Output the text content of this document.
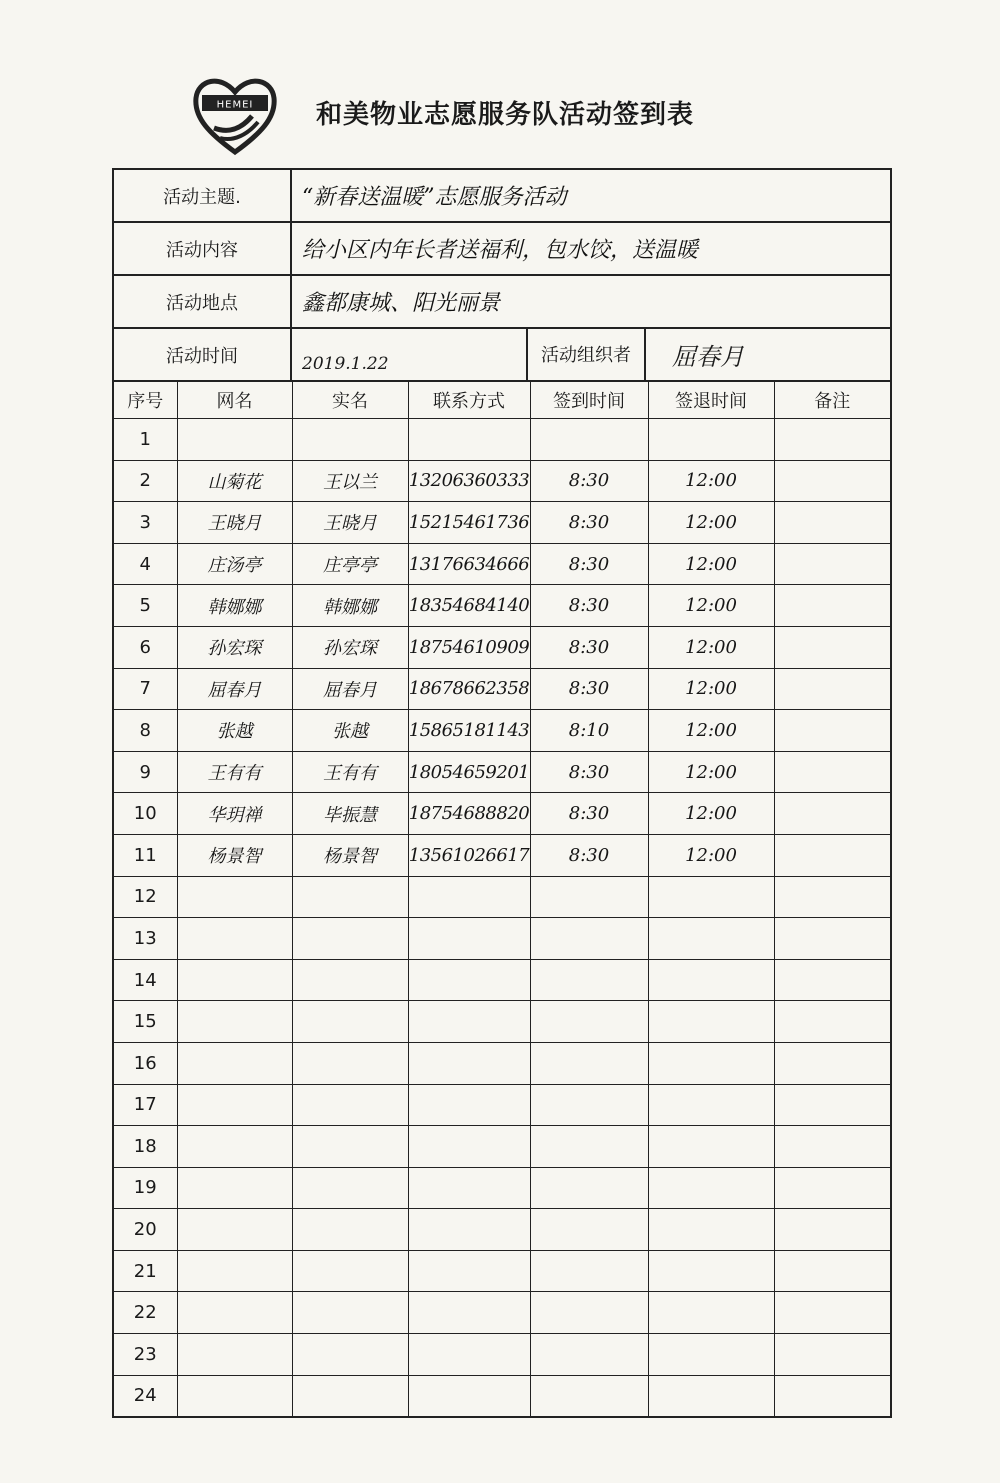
HEMEI 和美物业志愿服务队活动签到表
活动主题.	“新春送温暖”志愿服务活动
活动内容	给小区内年长者送福利，包水饺，送温暖
活动地点	鑫都康城、阳光丽景
活动时间	2019.1.22	活动组织者	屈春月
序号	网名	实名	联系方式	签到时间	签退时间	备注
1						
2	山菊花	王以兰	13206360333	8:30	12:00	
3	王晓月	王晓月	15215461736	8:30	12:00	
4	庄汤亭	庄亭亭	13176634666	8:30	12:00	
5	韩娜娜	韩娜娜	18354684140	8:30	12:00	
6	孙宏琛	孙宏琛	18754610909	8:30	12:00	
7	屈春月	屈春月	18678662358	8:30	12:00	
8	张越	张越	15865181143	8:10	12:00	
9	王有有	王有有	18054659201	8:30	12:00	
10	华玥禅	毕振慧	18754688820	8:30	12:00	
11	杨景智	杨景智	13561026617	8:30	12:00	
12						
13						
14						
15						
16						
17						
18						
19						
20						
21						
22						
23						
24						
